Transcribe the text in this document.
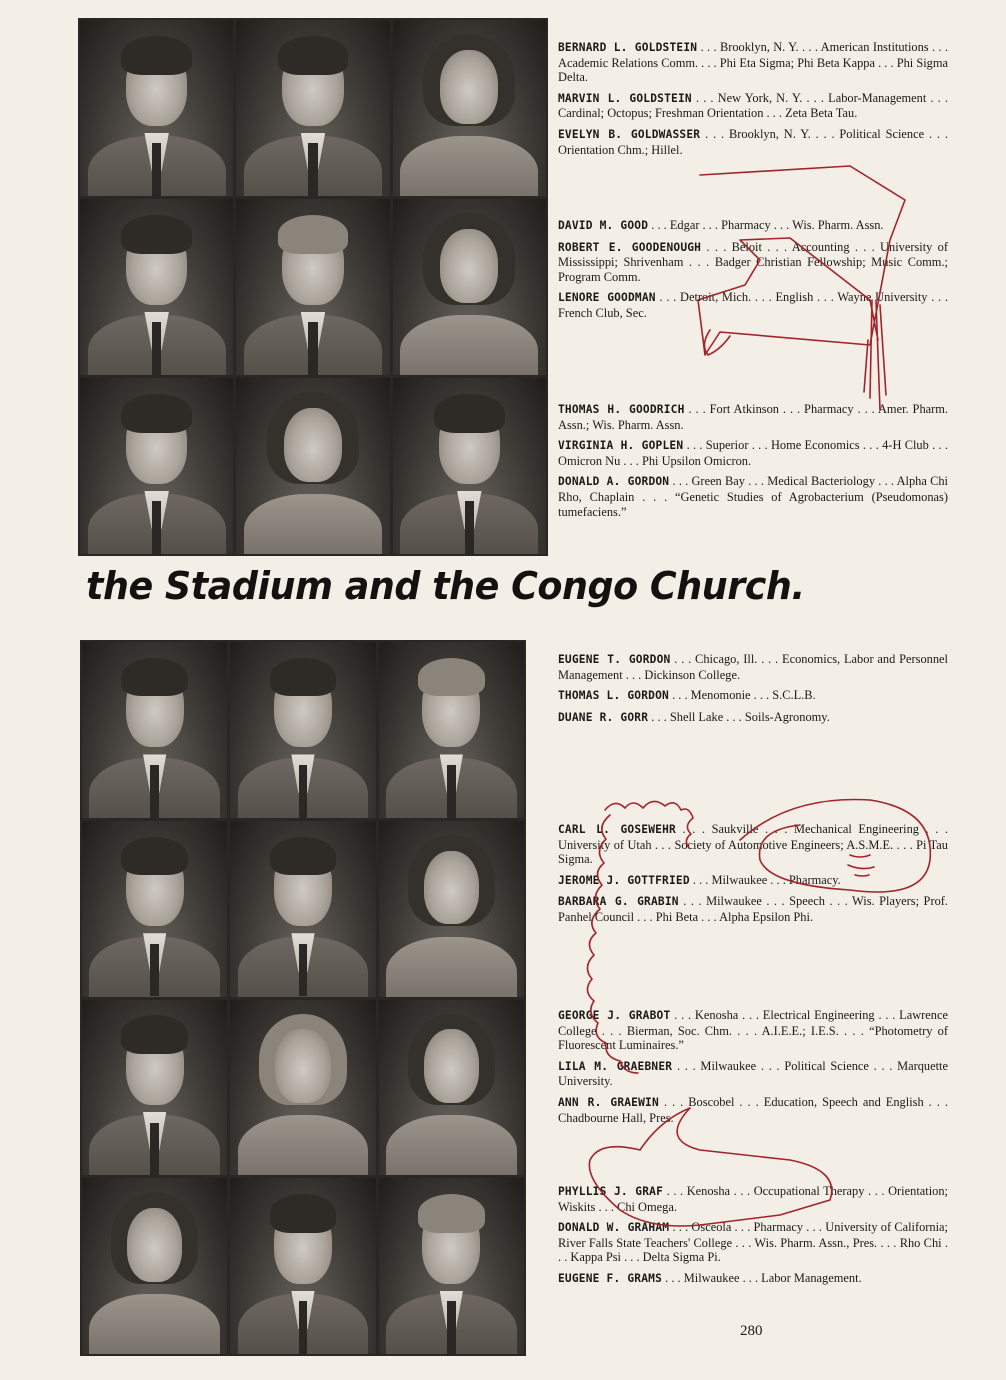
BERNARD L. GOLDSTEIN . . . Brooklyn, N. Y. . . . American Institutions . . . Academic Relations Comm. . . . Phi Eta Sigma; Phi Beta Kappa . . . Phi Sigma Delta.

MARVIN L. GOLDSTEIN . . . New York, N. Y. . . . Labor-Management . . . Cardinal; Octopus; Freshman Orientation . . . Zeta Beta Tau.

EVELYN B. GOLDWASSER . . . Brooklyn, N. Y. . . . Political Science . . . Orientation Chm.; Hillel.

DAVID M. GOOD . . . Edgar . . . Pharmacy . . . Wis. Pharm. Assn.

ROBERT E. GOODENOUGH . . . Beloit . . . Accounting . . . University of Mississippi; Shrivenham . . . Badger Christian Fellowship; Music Comm.; Program Comm.

LENORE GOODMAN . . . Detroit, Mich. . . . English . . . Wayne University . . . French Club, Sec.

THOMAS H. GOODRICH . . . Fort Atkinson . . . Pharmacy . . . Amer. Pharm. Assn.; Wis. Pharm. Assn.

VIRGINIA H. GOPLEN . . . Superior . . . Home Economics . . . 4-H Club . . . Omicron Nu . . . Phi Upsilon Omicron.

DONALD A. GORDON . . . Green Bay . . . Medical Bacteriology . . . Alpha Chi Rho, Chaplain . . . “Genetic Studies of Agrobacterium (Pseudomonas) tumefaciens.”

EUGENE T. GORDON . . . Chicago, Ill. . . . Economics, Labor and Personnel Management . . . Dickinson College.

THOMAS L. GORDON . . . Menomonie . . . S.C.L.B.

DUANE R. GORR . . . Shell Lake . . . Soils-Agronomy.

CARL L. GOSEWEHR . . . Saukville . . . Mechanical Engineering . . . University of Utah . . . Society of Automotive Engineers; A.S.M.E. . . . Pi Tau Sigma.

JEROME J. GOTTFRIED . . . Milwaukee . . . Pharmacy.

BARBARA G. GRABIN . . . Milwaukee . . . Speech . . . Wis. Players; Prof. Panhel Council . . . Phi Beta . . . Alpha Epsilon Phi.

GEORGE J. GRABOT . . . Kenosha . . . Electrical Engineering . . . Lawrence College . . . Bierman, Soc. Chm. . . . A.I.E.E.; I.E.S. . . . “Photometry of Fluorescent Luminaires.”

LILA M. GRAEBNER . . . Milwaukee . . . Political Science . . . Marquette University.

ANN R. GRAEWIN . . . Boscobel . . . Education, Speech and English . . . Chadbourne Hall, Pres.

PHYLLIS J. GRAF . . . Kenosha . . . Occupational Therapy . . . Orientation; Wiskits . . . Chi Omega.

DONALD W. GRAHAM . . . Osceola . . . Pharmacy . . . University of California; River Falls State Teachers' College . . . Wis. Pharm. Assn., Pres. . . . Rho Chi . . . Kappa Psi . . . Delta Sigma Pi.

EUGENE F. GRAMS . . . Milwaukee . . . Labor Management.

the Stadium and the Congo Church.
280
